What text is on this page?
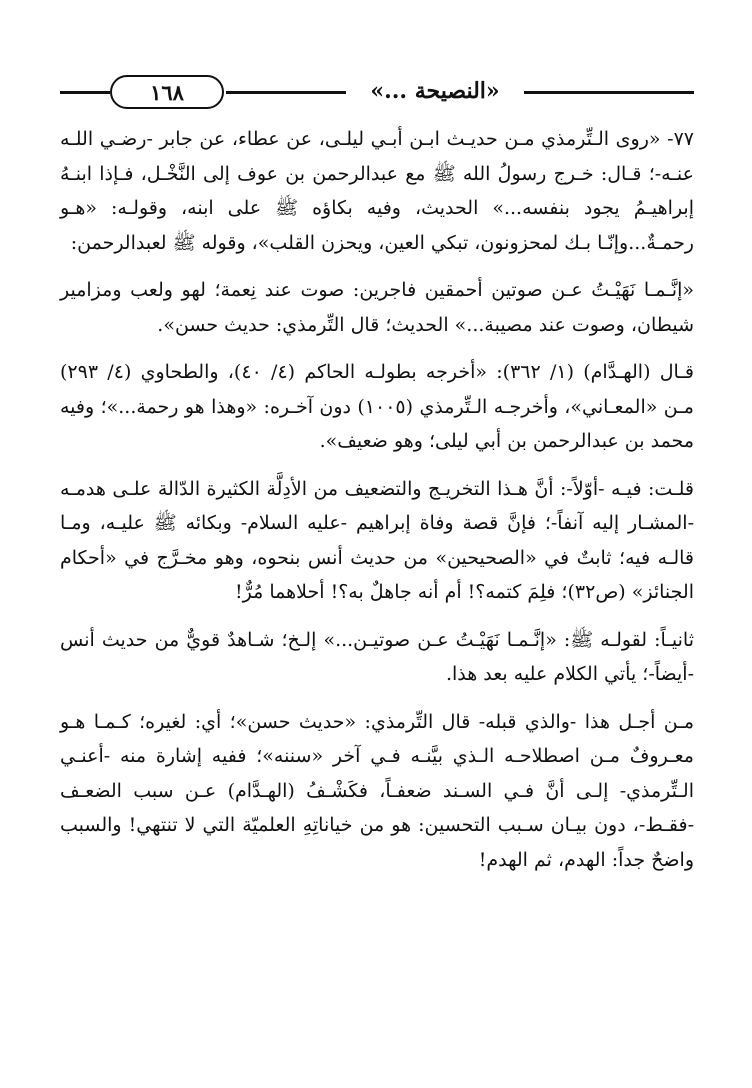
١٦٨	«النصيحة ...»

٧٧- «روى الـتِّرمذي مـن حديـث ابـن أبـي ليلـى، عن عطاء، عن جابر -رضـي اللـه عنـه-؛ قـال: خـرج رسولُ الله ﷺ مع عبدالرحمن بن عوف إلى النَّخْـل، فـإذا ابنـهُ إبراهيـمُ يجود بنفسه...» الحديث، وفيه بكاؤه ﷺ على ابنه، وقولـه: «هـو رحمـةٌ...وإنّـا بـك لمحزونون، تبكي العين، ويحزن القلب»، وقوله ﷺ لعبدالرحمن:

«إنَّـمـا نَهَيْـتُ عـن صوتين أحمقين فاجرين: صوت عند نِعمة؛ لهو ولعب ومزامير شيطان، وصوت عند مصيبة...» الحديث؛ قال التِّرمذي: حديث حسن».

قـال (الهـدَّام) (١/ ٣٦٢): «أخرجه بطولـه الحاكم (٤/ ٤٠)، والطحاوي (٤/ ٢٩٣) مـن «المعـاني»، وأخرجـه الـتِّرمذي (١٠٠٥) دون آخـره: «وهذا هو رحمة...»؛ وفيه محمد بن عبدالرحمن بن أبي ليلى؛ وهو ضعيف».

قلـت: فيـه -أوّلاً-: أنَّ هـذا التخريـج والتضعيف من الأدِلَّة الكثيرة الدّالة علـى هدمـه -المشـار إليه آنفاً-؛ فإنَّ قصة وفاة إبراهيم -عليه السلام- وبكائه ﷺ عليـه، ومـا قالـه فيه؛ ثابتٌ في «الصحيحين» من حديث أنس بنحوه، وهو مخـرَّج في «أحكام الجنائز» (ص٣٢)؛ فلِمَ كتمه؟! أم أنه جاهلٌ به؟! أحلاهما مُرٌّ!

ثانيـاً: لقولـه ﷺ: «إنَّـمـا نَهَيْـتُ عـن صوتيـن...» إلـخ؛ شـاهدٌ قويٌّ من حديث أنس -أيضاً-؛ يأتي الكلام عليه بعد هذا.

مـن أجـل هذا -والذي قبله- قال التِّرمذي: «حديث حسن»؛ أي: لغيره؛ كـمـا هـو معـروفٌ مـن اصطلاحـه الـذي بيَّنـه فـي آخر «سننه»؛ ففيه إشارة منه -أعنـي الـتِّرمذي- إلـى أنَّ فـي السـند ضعفـاً، فكَشْـفُ (الهـدَّام) عـن سبب الضعـف -فقـط-، دون بيـان سـبب التحسين: هو من خياناتِهِ العلميّة التي لا تنتهي! والسبب واضحٌ جداً: الهدم، ثم الهدم!
